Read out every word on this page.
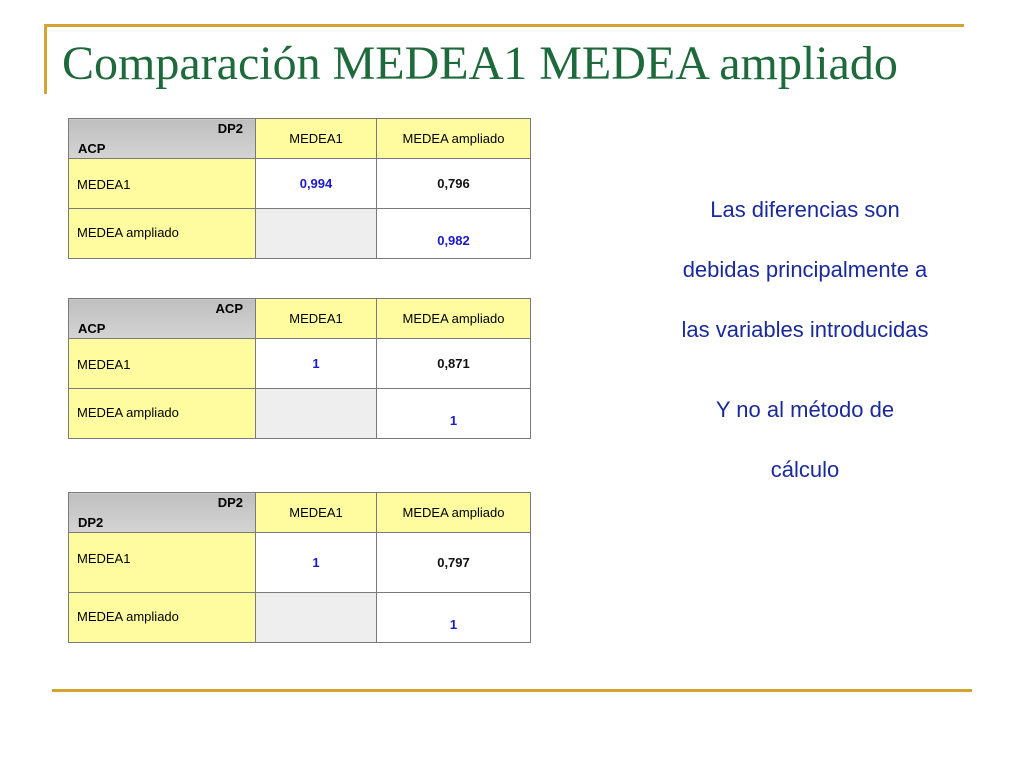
Comparación MEDEA1 MEDEA ampliado
DP2
ACP	MEDEA1	MEDEA ampliado
MEDEA1	0,994	0,796
MEDEA ampliado		0,982
ACP
ACP	MEDEA1	MEDEA ampliado
MEDEA1	1	0,871
MEDEA ampliado		1
DP2
DP2	MEDEA1	MEDEA ampliado
MEDEA1	1	0,797
MEDEA ampliado		1
Las diferencias son
debidas principalmente a
las variables introducidas
Y no al método de
cálculo
